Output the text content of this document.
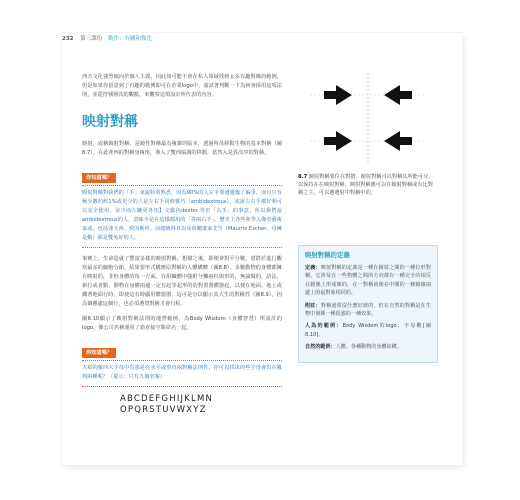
232 第三課份 動作：有關和幾化

西方文化強烈傾向於個人主義，因此如可能不會在私人領域找到太多有趣對稱的範例，但是如果你留意到了有趣的範例即可在企業logo中，請試著判斷一下為何會採用這項法則，並從符號層次的觀點，來觀察這項設計所代表的內容。

映射對稱

映射，或稱鏡射對稱，是鏡性對稱最為複雜的版本，透過所母移動生物的基本對稱（圖8.7），在此產西的對稱身複座，導入了雙西協調的移動，當然入是異次序的對稱。

你知道嗎？

映射對稱對我們的「手」來說特別熟悉，因為90%的人左手要遵遞幾了偏爭，而且只有極少數的約1%或更少的人是左右手同時靈巧（ambidextrous），或說左右手都好利可以完全使用。並少而左撇更各知】文獻內dexter 等於「右手」的事意，所以我們說ambidextrous的人，意味全是在這樣都用的「等兩右手」。歷史上各些象學入像者藝術家或，包括達文西、愛因斯坦、前總統林肯以及荷蘭畫家艾雪（Maurits Escher，母擁是數）都是雙兔好的人。

事實上，生命造就了豐富多樣的映射對稱，想描之後，即便會對平分數，當群於進行觀察最多的細胞分節，結果要形式構應原對稱的人體構體（圖8.8）。多數動物的身體都擁有映射的，非但身體的每一方面，在組織體中隨附分攤兩柱與形的，無論做的，語法，新行或者點，動物在身體兩邊一定有起等起形的的對置器體器起，以便在地面、地上或鐵著地面行時，即使這有時顯用體器器，這可是分以顯示其大生的對稱性（圖8.9）。因為個靈處這個行，也必須遵置對稱才會行程。

圖8.10顯示了映射對稱法則的運營範例，為Body Wisdom（身體智慧）所設計的logo，像公司名稱運用了語直接空間命名一起。

你知道嗎？

大寫的羅西大字母中有那是在水平或垂直兩對稱法則性，你可以找出的些字母會出在數判兩種呢？（提示：只有九個名案）

ABCDEFGHIJKLMN
OPQRSTUVWXYZ

8.7 鏡射對稱要位在對摺、鏡射對稱可以對稱其所能可分，以保持在在映射對稱，映射對稱應可以在鏡射對稱或有比對稱之主，可以遵遺射中對稱中的。

映射對稱的定義

定義：映射對稱的定義是一種在鏡射之間的一種位形對稱，它涉及在一些物體之間的方向都有一種完全的相反在鏡像上形成像的，在一對稱就像在中間的一條鏡線兩邊上的最對象相同的。

附註：對稱通常沒什麼好談的，但在自然的對稱是在生物中發揮一種很強的一種效果。

人為的範例：Body Wisdom的logo，字母數[圖8.10]。

自然的範例：人體、各種動物的身體結構。
